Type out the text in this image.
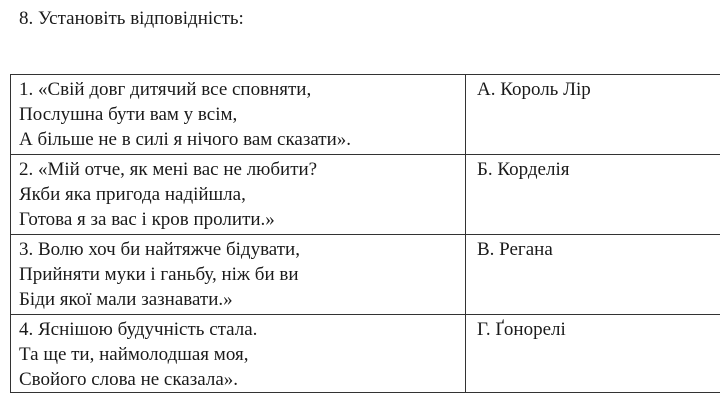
8. Установіть відповідність:
1. «Свій довг дитячий все сповняти,
Послушна бути вам у всім,
А більше не в силі я нічого вам сказати».	А. Король Лір

2. «Мій отче, як мені вас не любити?
Якби яка пригода надійшла,
Готова я за вас і кров пролити.»	Б. Корделія

3. Волю хоч би найтяжче бідувати,
Прийняти муки і ганьбу, ніж би ви
Біди якої мали зазнавати.»	В. Регана

4. Яснішою будучність стала.
Та ще ти, наймолодшая моя,
Свойого слова не сказала».	Г. Ґонорелі
